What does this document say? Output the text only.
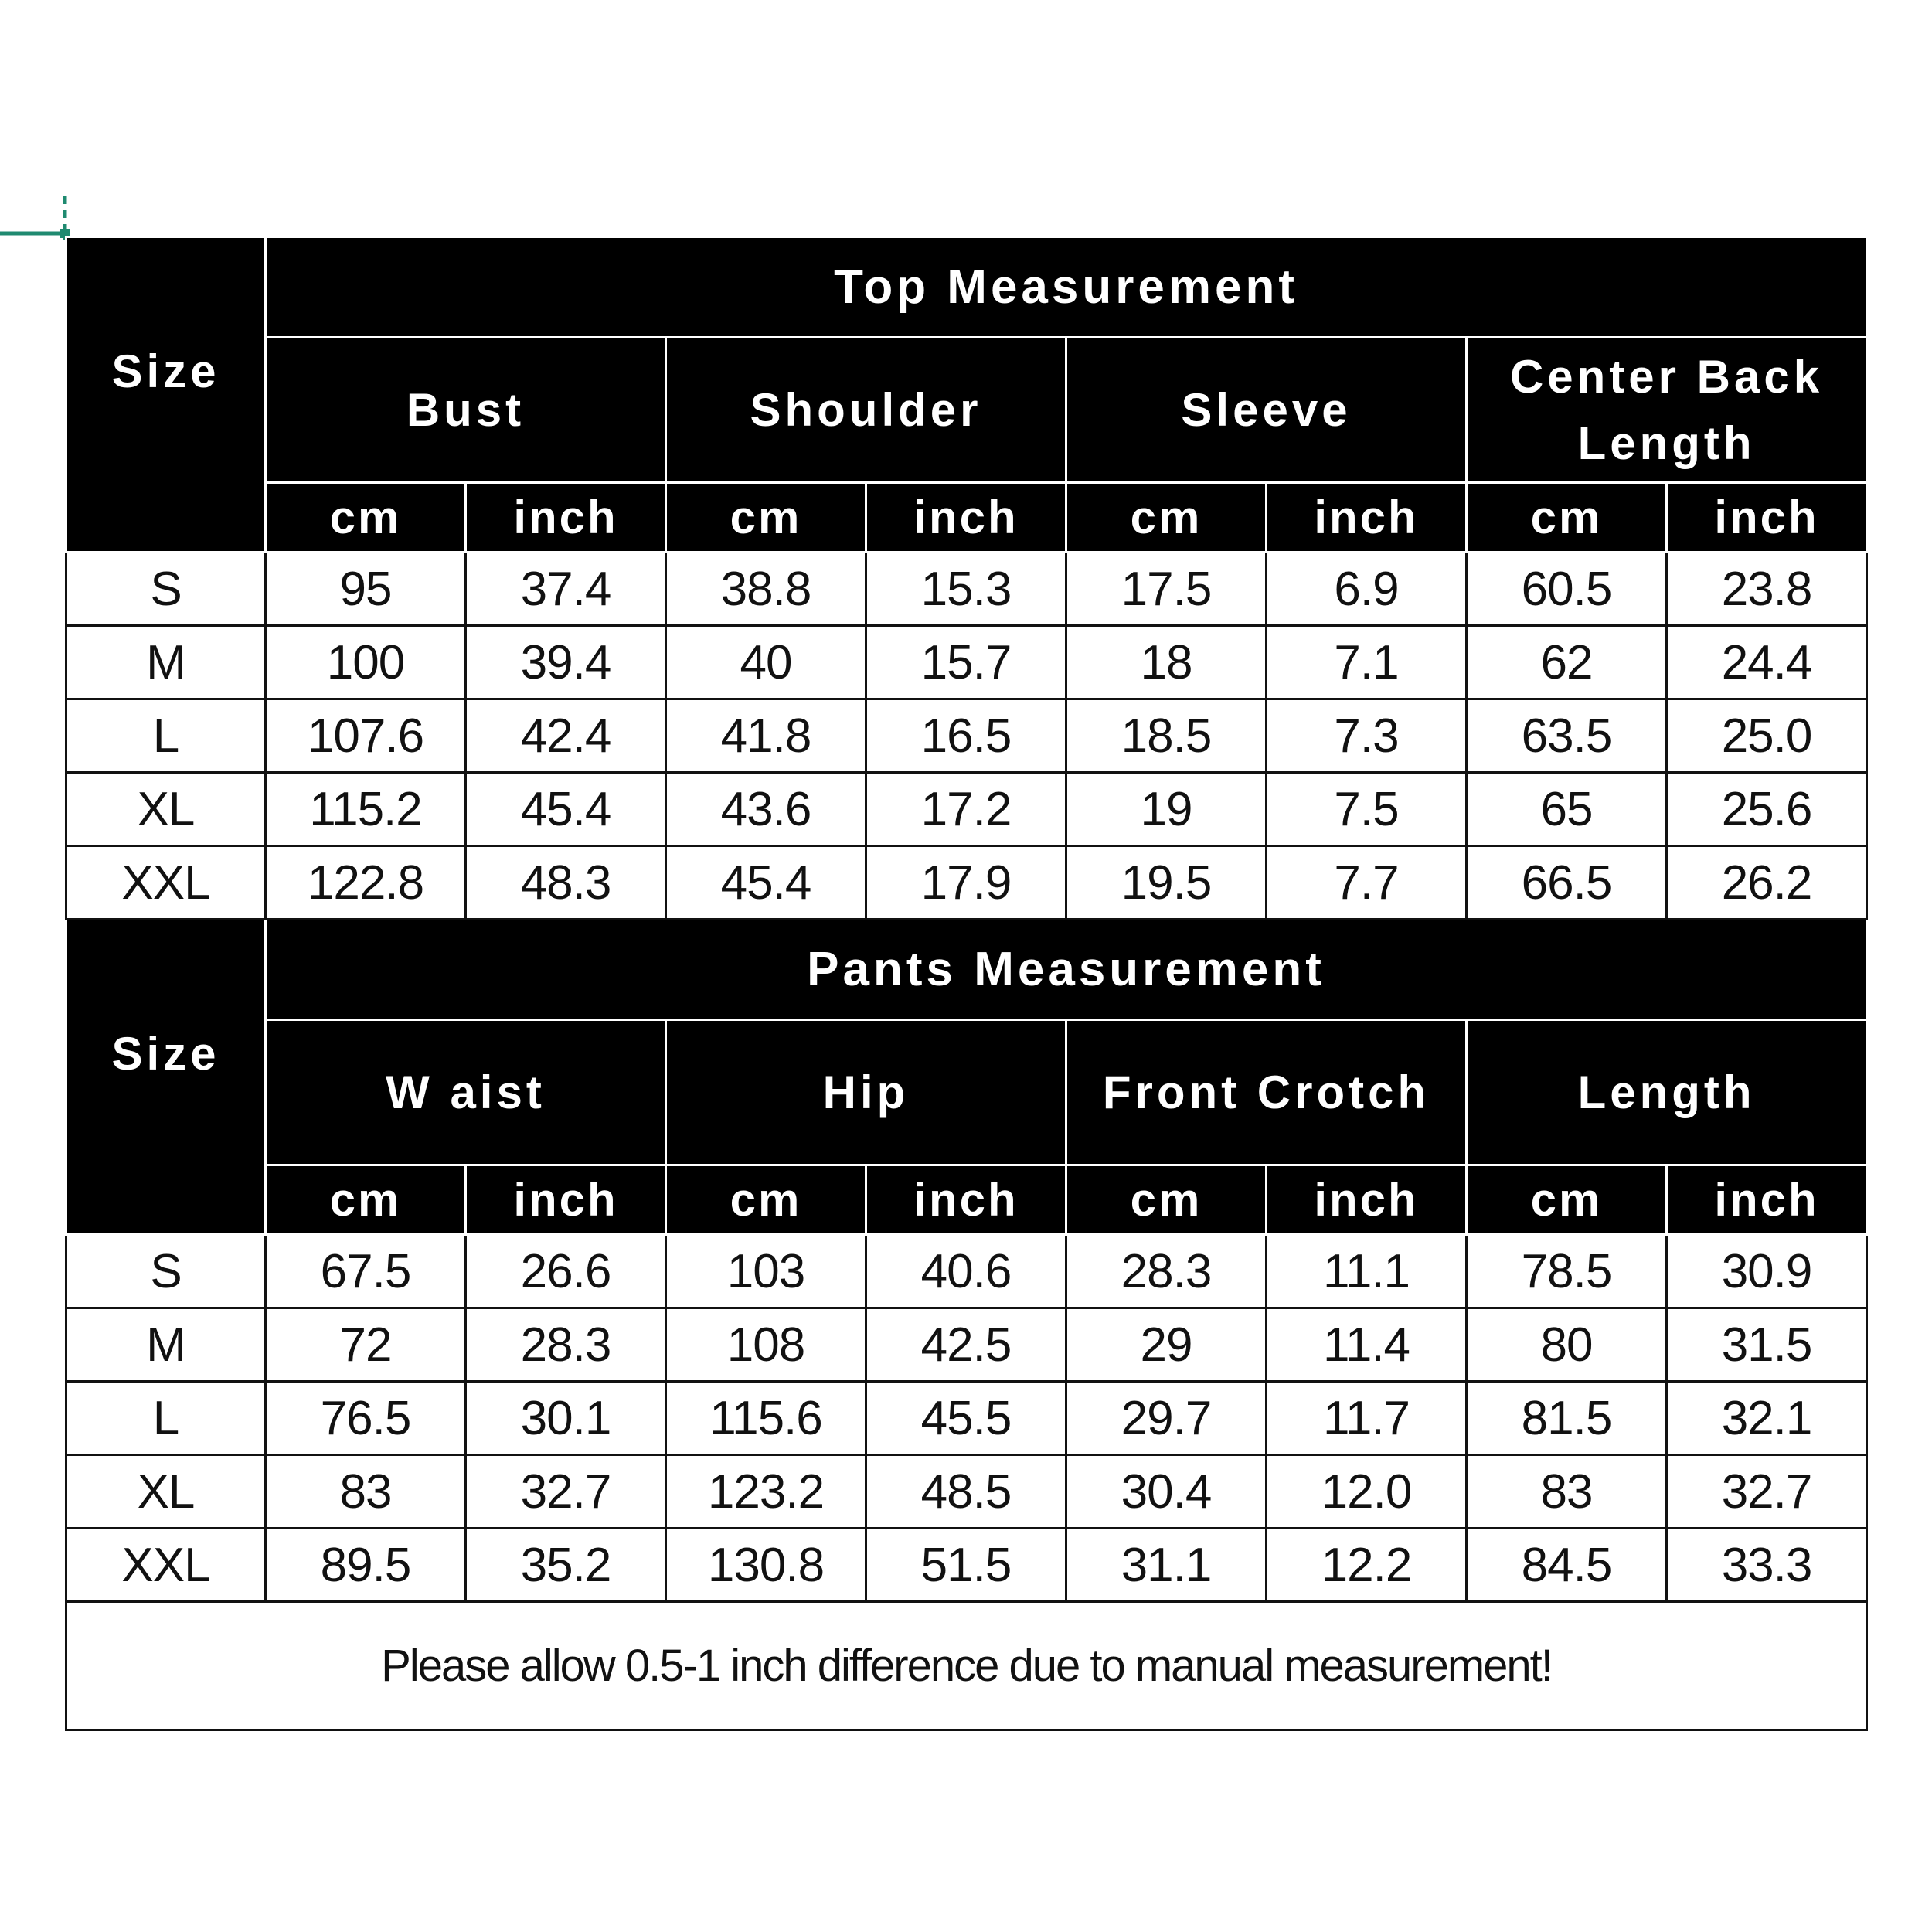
Size	Top Measurement							
	Bust		Shoulder		Sleeve		Center Back Length	
	cm	inch	cm	inch	cm	inch	cm	inch
S	95	37.4	38.8	15.3	17.5	6.9	60.5	23.8
M	100	39.4	40	15.7	18	7.1	62	24.4
L	107.6	42.4	41.8	16.5	18.5	7.3	63.5	25.0
XL	115.2	45.4	43.6	17.2	19	7.5	65	25.6
XXL	122.8	48.3	45.4	17.9	19.5	7.7	66.5	26.2
Size	Pants Measurement							
	W aist		Hip		Front Crotch		Length	
	cm	inch	cm	inch	cm	inch	cm	inch
S	67.5	26.6	103	40.6	28.3	11.1	78.5	30.9
M	72	28.3	108	42.5	29	11.4	80	31.5
L	76.5	30.1	115.6	45.5	29.7	11.7	81.5	32.1
XL	83	32.7	123.2	48.5	30.4	12.0	83	32.7
XXL	89.5	35.2	130.8	51.5	31.1	12.2	84.5	33.3
Please allow 0.5-1 inch difference due to manual measurement!								
